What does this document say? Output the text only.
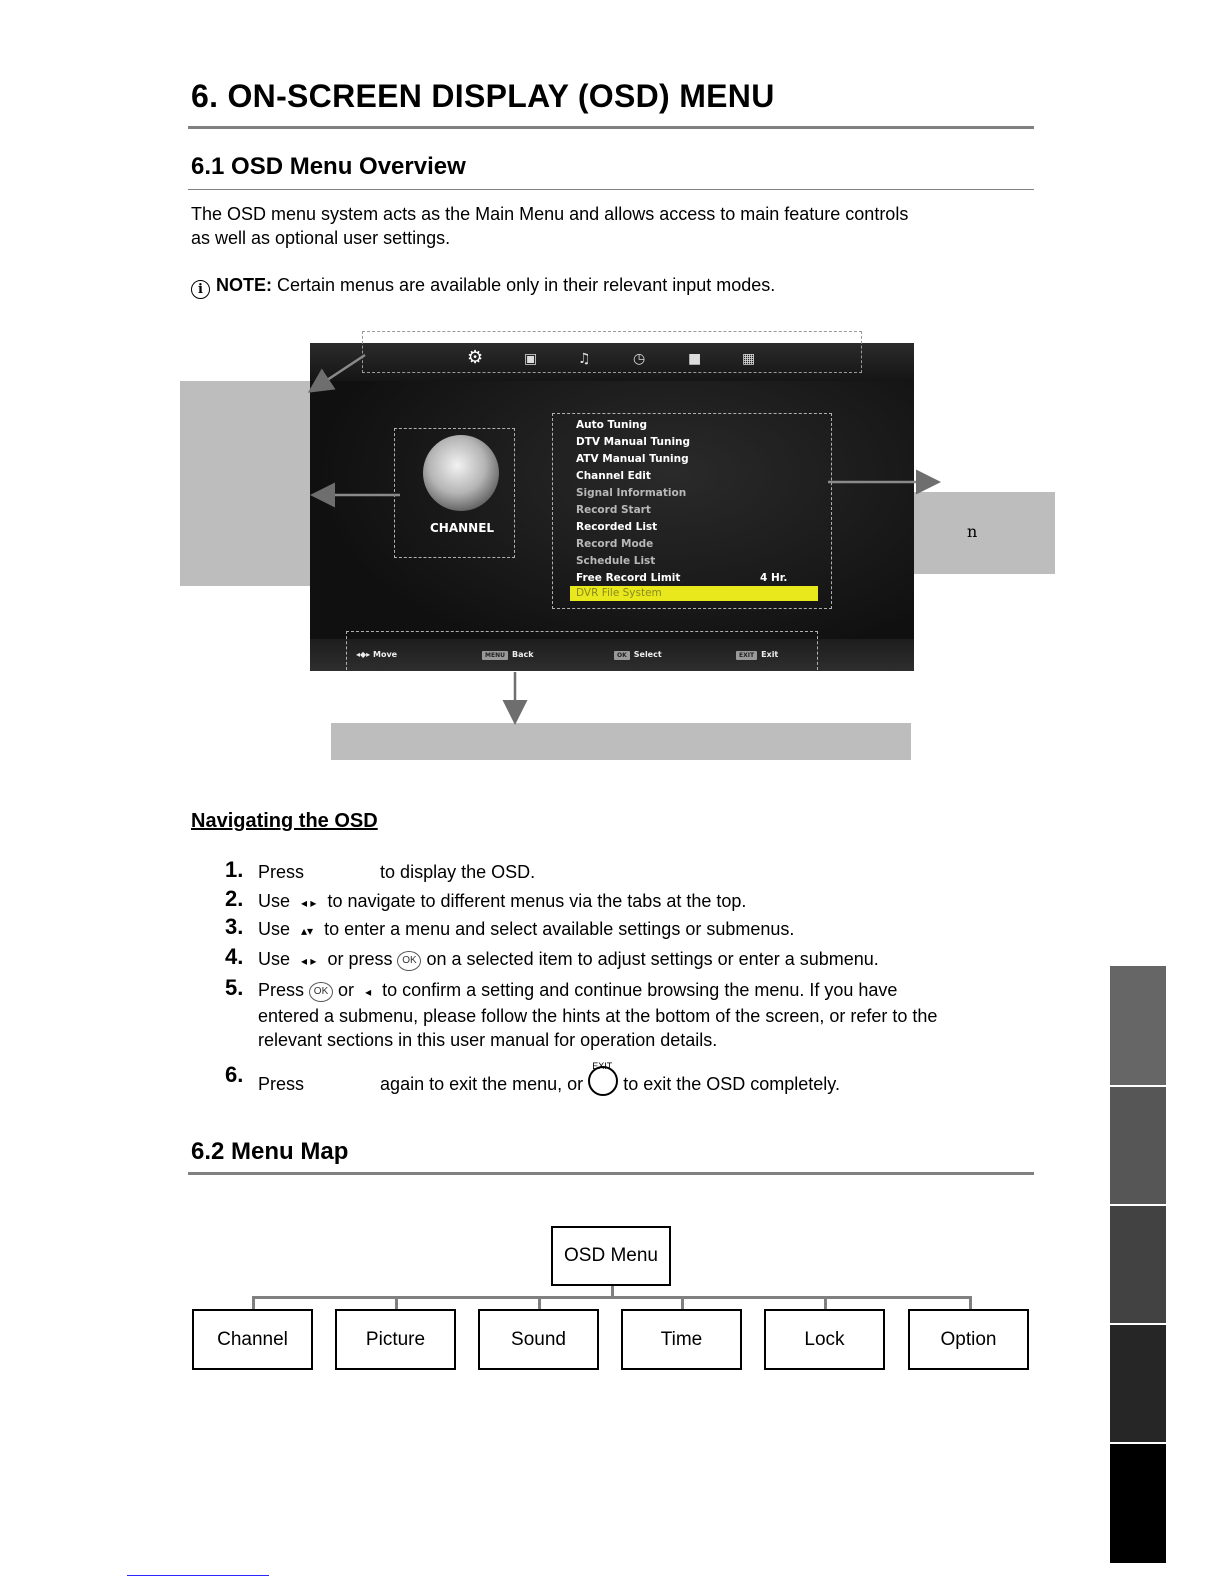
6. ON-SCREEN DISPLAY (OSD) MENU
6.1 OSD Menu Overview

The OSD menu system acts as the Main Menu and allows access to main feature controls

as well as optional user settings.

i NOTE: Certain menus are available only in their relevant input modes.
n
⚙	▣	♫	◷	■	▦
CHANNEL
Auto Tuning
DTV Manual Tuning
ATV Manual Tuning
Channel Edit
Signal Information
Record Start
Recorded List
Record Mode
Schedule List
Free Record Limit	4 Hr.
DVR File System
◂◆▸ Move	MENU Back	OK Select	EXIT Exit
Navigating the OSD
1. Press	to display the OSD.
2. Use ◂ ▸ to navigate to different menus via the tabs at the top.
3. Use ▴▾ to enter a menu and select available settings or submenus.
4. Use ◂ ▸ or press OK on a selected item to adjust settings or enter a submenu.
5. Press OK or ◂ to confirm a setting and continue browsing the menu. If you have
entered a submenu, please follow the hints at the bottom of the screen, or refer to the
relevant sections in this user manual for operation details.
6. Press	again to exit the menu, or
EXIT
to exit the OSD completely.
6.2 Menu Map
OSD Menu
Channel	Picture	Sound	Time	Lock	Option
